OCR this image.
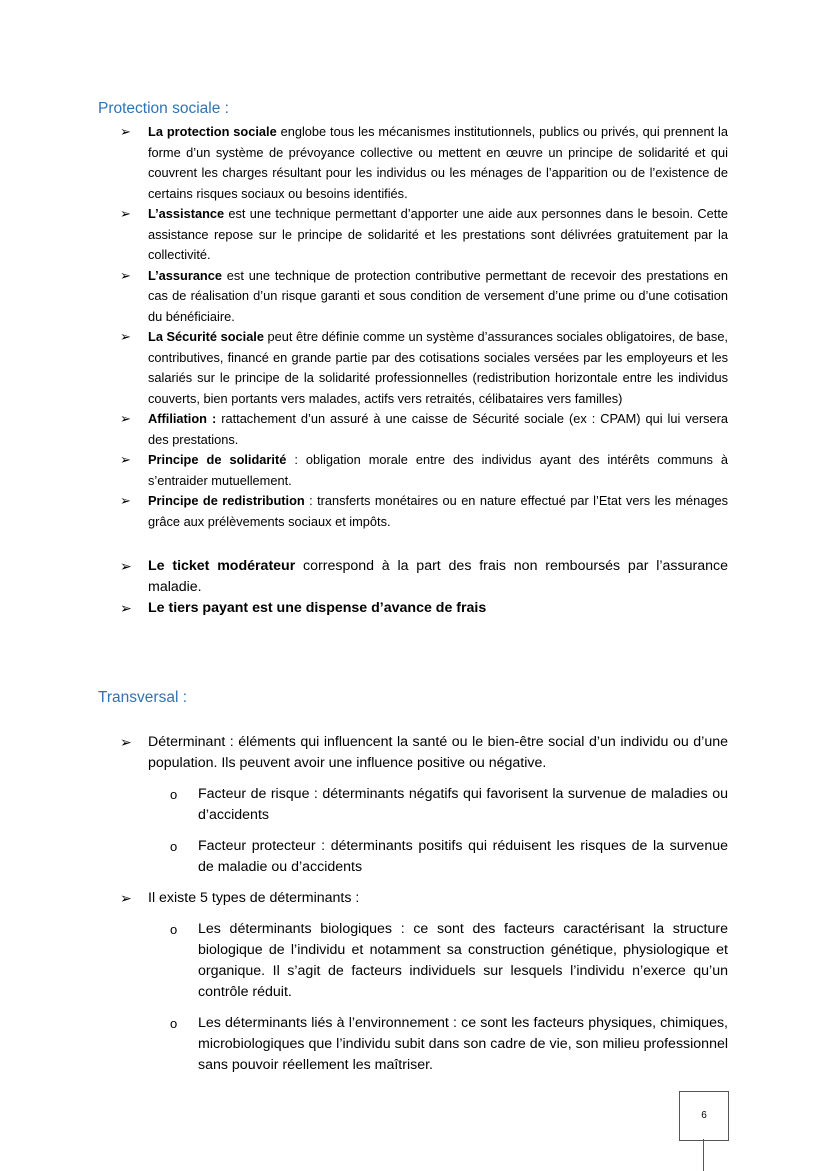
Protection sociale :
➢ La protection sociale englobe tous les mécanismes institutionnels, publics ou privés, qui prennent la forme d’un système de prévoyance collective ou mettent en œuvre un principe de solidarité et qui couvrent les charges résultant pour les individus ou les ménages de l’apparition ou de l’existence de certains risques sociaux ou besoins identifiés.
➢ L’assistance est une technique permettant d’apporter une aide aux personnes dans le besoin. Cette assistance repose sur le principe de solidarité et les prestations sont délivrées gratuitement par la collectivité.
➢ L’assurance est une technique de protection contributive permettant de recevoir des prestations en cas de réalisation d’un risque garanti et sous condition de versement d’une prime ou d’une cotisation du bénéficiaire.
➢ La Sécurité sociale peut être définie comme un système d’assurances sociales obligatoires, de base, contributives, financé en grande partie par des cotisations sociales versées par les employeurs et les salariés sur le principe de la solidarité professionnelles (redistribution horizontale entre les individus couverts, bien portants vers malades, actifs vers retraités, célibataires vers familles)
➢ Affiliation : rattachement d’un assuré à une caisse de Sécurité sociale (ex : CPAM) qui lui versera des prestations.
➢ Principe de solidarité : obligation morale entre des individus ayant des intérêts communs à s’entraider mutuellement.
➢ Principe de redistribution : transferts monétaires ou en nature effectué par l’Etat vers les ménages grâce aux prélèvements sociaux et impôts.
➢ Le ticket modérateur correspond à la part des frais non remboursés par l’assurance maladie.
➢ Le tiers payant est une dispense d’avance de frais
Transversal :
➢ Déterminant : éléments qui influencent la santé ou le bien-être social d’un individu ou d’une population. Ils peuvent avoir une influence positive ou négative.
o Facteur de risque : déterminants négatifs qui favorisent la survenue de maladies ou d’accidents
o Facteur protecteur : déterminants positifs qui réduisent les risques de la survenue de maladie ou d’accidents
➢ Il existe 5 types de déterminants :
o Les déterminants biologiques : ce sont des facteurs caractérisant la structure biologique de l’individu et notamment sa construction génétique, physiologique et organique. Il s’agit de facteurs individuels sur lesquels l’individu n’exerce qu’un contrôle réduit.
o Les déterminants liés à l’environnement : ce sont les facteurs physiques, chimiques, microbiologiques que l’individu subit dans son cadre de vie, son milieu professionnel sans pouvoir réellement les maîtriser.
6
